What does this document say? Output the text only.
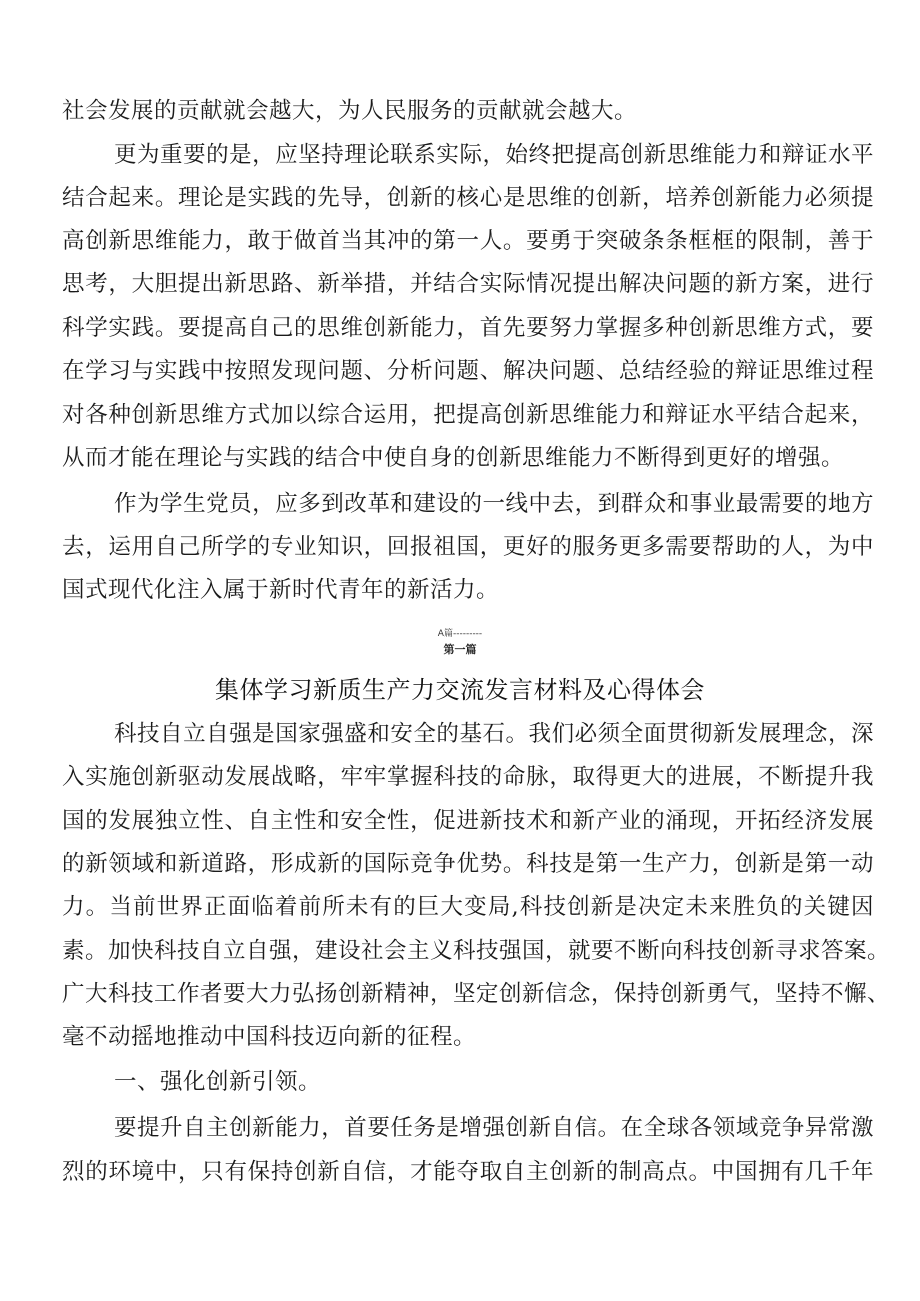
社会发展的贡献就会越大，为人民服务的贡献就会越大。
更为重要的是，应坚持理论联系实际，始终把提高创新思维能力和辩证水平
结合起来。理论是实践的先导，创新的核心是思维的创新，培养创新能力必须提
高创新思维能力，敢于做首当其冲的第一人。要勇于突破条条框框的限制，善于
思考，大胆提出新思路、新举措，并结合实际情况提出解决问题的新方案，进行
科学实践。要提高自己的思维创新能力，首先要努力掌握多种创新思维方式，要
在学习与实践中按照发现问题、分析问题、解决问题、总结经验的辩证思维过程
对各种创新思维方式加以综合运用，把提高创新思维能力和辩证水平结合起来，
从而才能在理论与实践的结合中使自身的创新思维能力不断得到更好的增强。
作为学生党员，应多到改革和建设的一线中去，到群众和事业最需要的地方
去，运用自己所学的专业知识，回报祖国，更好的服务更多需要帮助的人，为中
国式现代化注入属于新时代青年的新活力。
A篇---------
第一篇
集体学习新质生产力交流发言材料及心得体会
科技自立自强是国家强盛和安全的基石。我们必须全面贯彻新发展理念，深
入实施创新驱动发展战略，牢牢掌握科技的命脉，取得更大的进展，不断提升我
国的发展独立性、自主性和安全性，促进新技术和新产业的涌现，开拓经济发展
的新领域和新道路，形成新的国际竞争优势。科技是第一生产力，创新是第一动
力。当前世界正面临着前所未有的巨大变局,科技创新是决定未来胜负的关键因
素。加快科技自立自强，建设社会主义科技强国，就要不断向科技创新寻求答案。
广大科技工作者要大力弘扬创新精神，坚定创新信念，保持创新勇气，坚持不懈、
毫不动摇地推动中国科技迈向新的征程。
一、强化创新引领。
要提升自主创新能力，首要任务是增强创新自信。在全球各领域竞争异常激
烈的环境中，只有保持创新自信，才能夺取自主创新的制高点。中国拥有几千年
